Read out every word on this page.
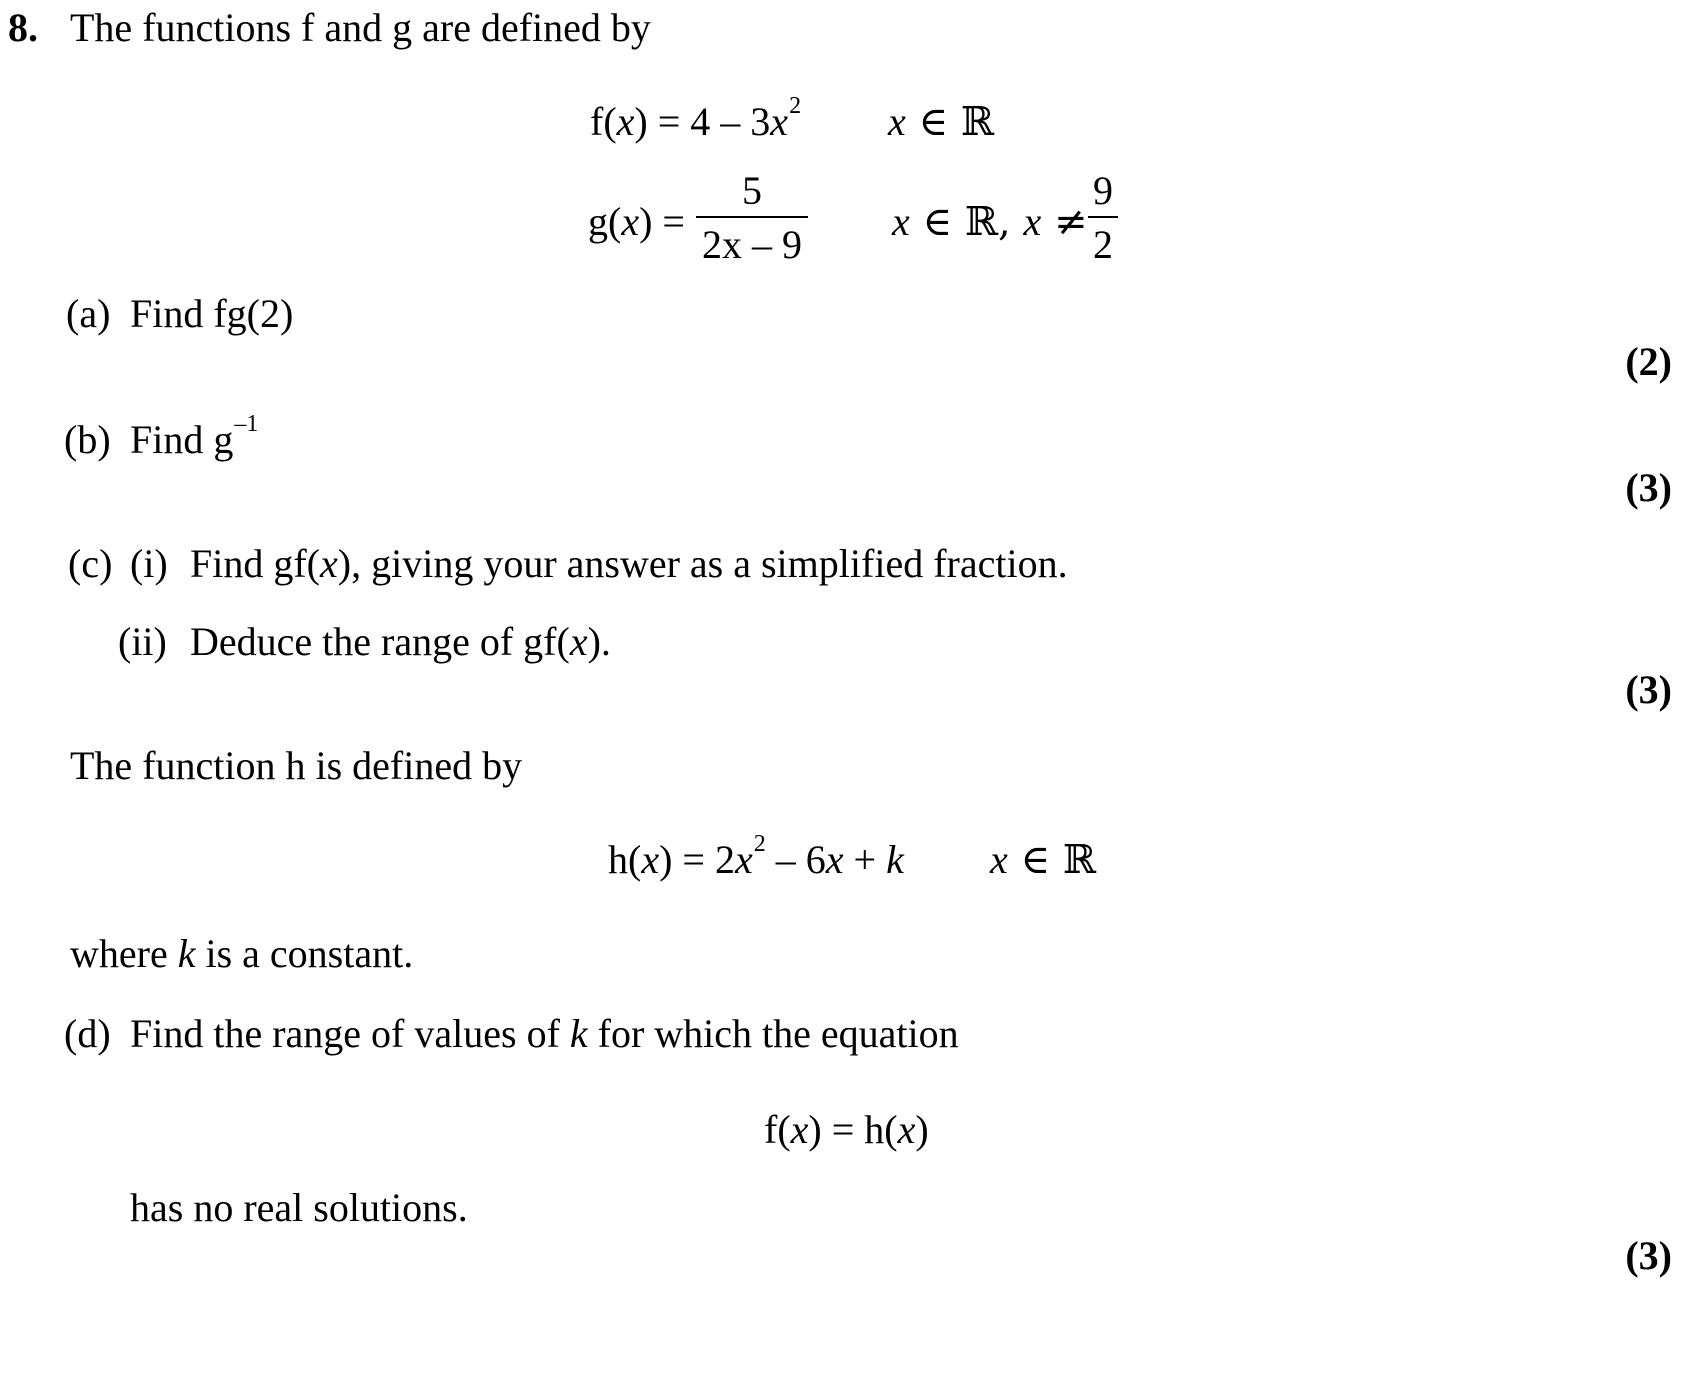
8. The functions f and g are defined by
$f(x) = 4 - 3x^2$ x ∈ ℝ
g(x) =
5
2x – 9
x ∈ ℝ, x ≠
9
2
(a) Find fg(2)
(2)
(b) Find $g^{-1}$
(3)
(c) (i) Find gf(x), giving your answer as a simplified fraction.
(ii) Deduce the range of gf(x).
(3)
The function h is defined by
$h(x) = 2x^2 - 6x + k$ x ∈ ℝ
where k is a constant.
(d) Find the range of values of k for which the equation
f(x) = h(x)
has no real solutions.
(3)
